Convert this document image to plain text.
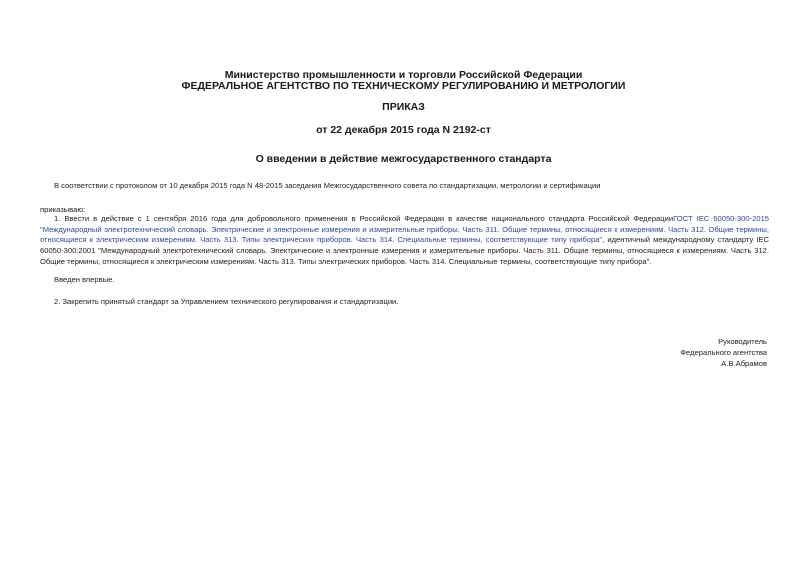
Министерство промышленности и торговли Российской Федерации
ФЕДЕРАЛЬНОЕ АГЕНТСТВО ПО ТЕХНИЧЕСКОМУ РЕГУЛИРОВАНИЮ И МЕТРОЛОГИИ
ПРИКАЗ
от 22 декабря 2015 года N 2192-ст
О введении в действие межгосударственного стандарта
В соответствии с протоколом от 10 декабря 2015 года N 48-2015 заседания Межгосударственного совета по стандартизации, метрологии и сертификации
приказываю:
1. Ввести в действие с 1 сентября 2016 года для добровольного применения в Российской Федерации в качестве национального стандарта Российской ФедерацииГОСТ IEC 60050-300-2015 "Международный электротехнический словарь. Электрические и электронные измерения и измерительные приборы. Часть 311. Общие термины, относящиеся к измерениям. Часть 312. Общие термины, относящиеся к электрическим измерениям. Часть 313. Типы электрических приборов. Часть 314. Специальные термины, соответствующие типу прибора", идентичный международному стандарту IEC 60050-300:2001 "Международный электротехнический словарь. Электрические и электронные измерения и измерительные приборы. Часть 311. Общие термины, относящиеся к измерениям. Часть 312. Общие термины, относящиеся к электрическим измерениям. Часть 313. Типы электрических приборов. Часть 314. Специальные термины, соответствующие типу прибора".
Введен впервые.
2. Закрепить принятый стандарт за Управлением технического регулирования и стандартизации.
Руководитель
Федерального агентства
А.В.Абрамов
